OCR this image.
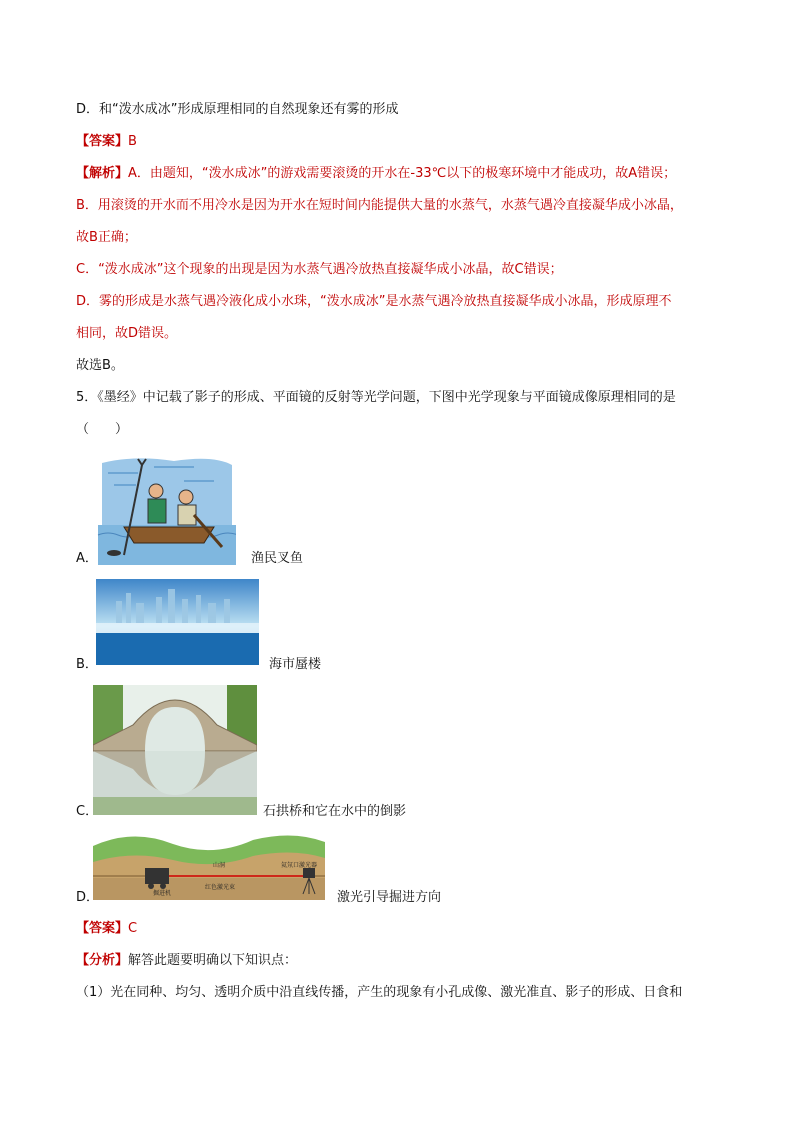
D．和“泼水成冰”形成原理相同的自然现象还有雾的形成
【答案】B
【解析】A．由题知，“泼水成冰”的游戏需要滚烫的开水在-33℃以下的极寒环境中才能成功，故A错误；
B．用滚烫的开水而不用冷水是因为开水在短时间内能提供大量的水蒸气，水蒸气遇冷直接凝华成小冰晶，
故B正确；
C．“泼水成冰”这个现象的出现是因为水蒸气遇冷放热直接凝华成小冰晶，故C错误；
D．雾的形成是水蒸气遇冷液化成小水珠，“泼水成冰”是水蒸气遇冷放热直接凝华成小冰晶，形成原理不
相同，故D错误。
故选B。
5．《墨经》中记载了影子的形成、平面镜的反射等光学问题，下图中光学现象与平面镜成像原理相同的是
（　　）
A．	渔民叉鱼
B．	海市蜃楼
C．	石拱桥和它在水中的倒影
山洞	氦氖口激光器
掘进机
红色激光束
D．	激光引导掘进方向
【答案】C
【分析】解答此题要明确以下知识点：
（1）光在同种、均匀、透明介质中沿直线传播，产生的现象有小孔成像、激光准直、影子的形成、日食和
